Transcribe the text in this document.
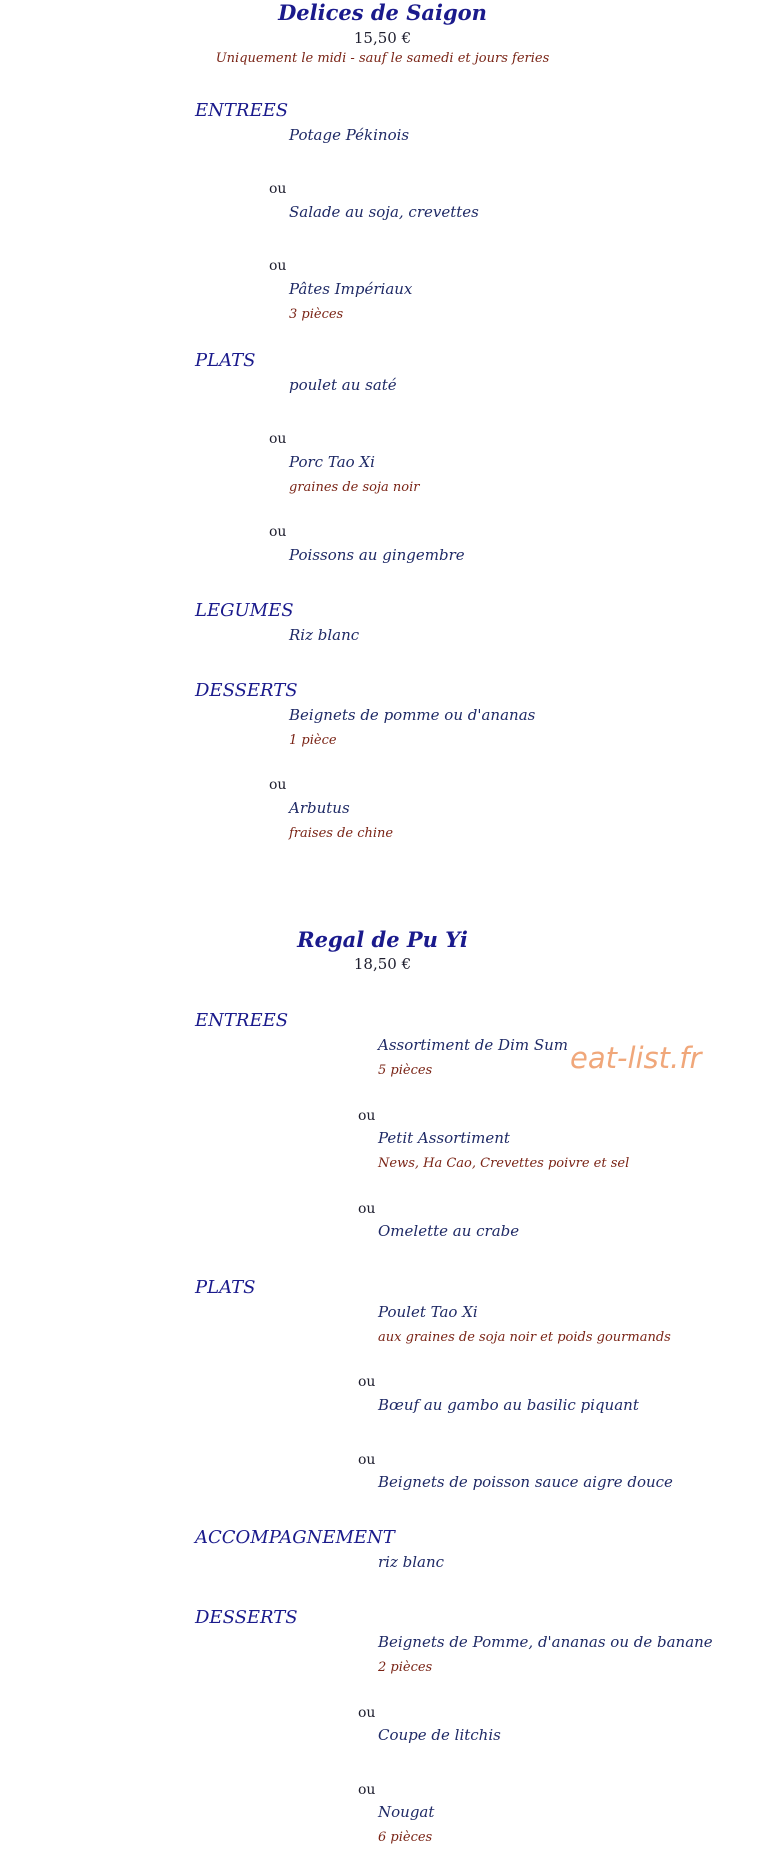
Delices de Saigon
15,50 €
Uniquement le midi - sauf le samedi et jours feries
ENTREES
Potage Pékinois
ou
Salade au soja, crevettes
ou
Pâtes Impériaux
3 pièces
PLATS
poulet au saté
ou
Porc Tao Xi
graines de soja noir
ou
Poissons au gingembre
LEGUMES
Riz blanc
DESSERTS
Beignets de pomme ou d'ananas
1 pièce
ou
Arbutus
fraises de chine
Regal de Pu Yi
18,50 €
ENTREES
Assortiment de Dim Sum
5 pièces
ou
Petit Assortiment
News, Ha Cao, Crevettes poivre et sel
ou
Omelette au crabe
PLATS
Poulet Tao Xi
aux graines de soja noir et poids gourmands
ou
Bœuf au gambo au basilic piquant
ou
Beignets de poisson sauce aigre douce
ACCOMPAGNEMENT
riz blanc
DESSERTS
Beignets de Pomme, d'ananas ou de banane
2 pièces
ou
Coupe de litchis
ou
Nougat
6 pièces
eat-list.fr
